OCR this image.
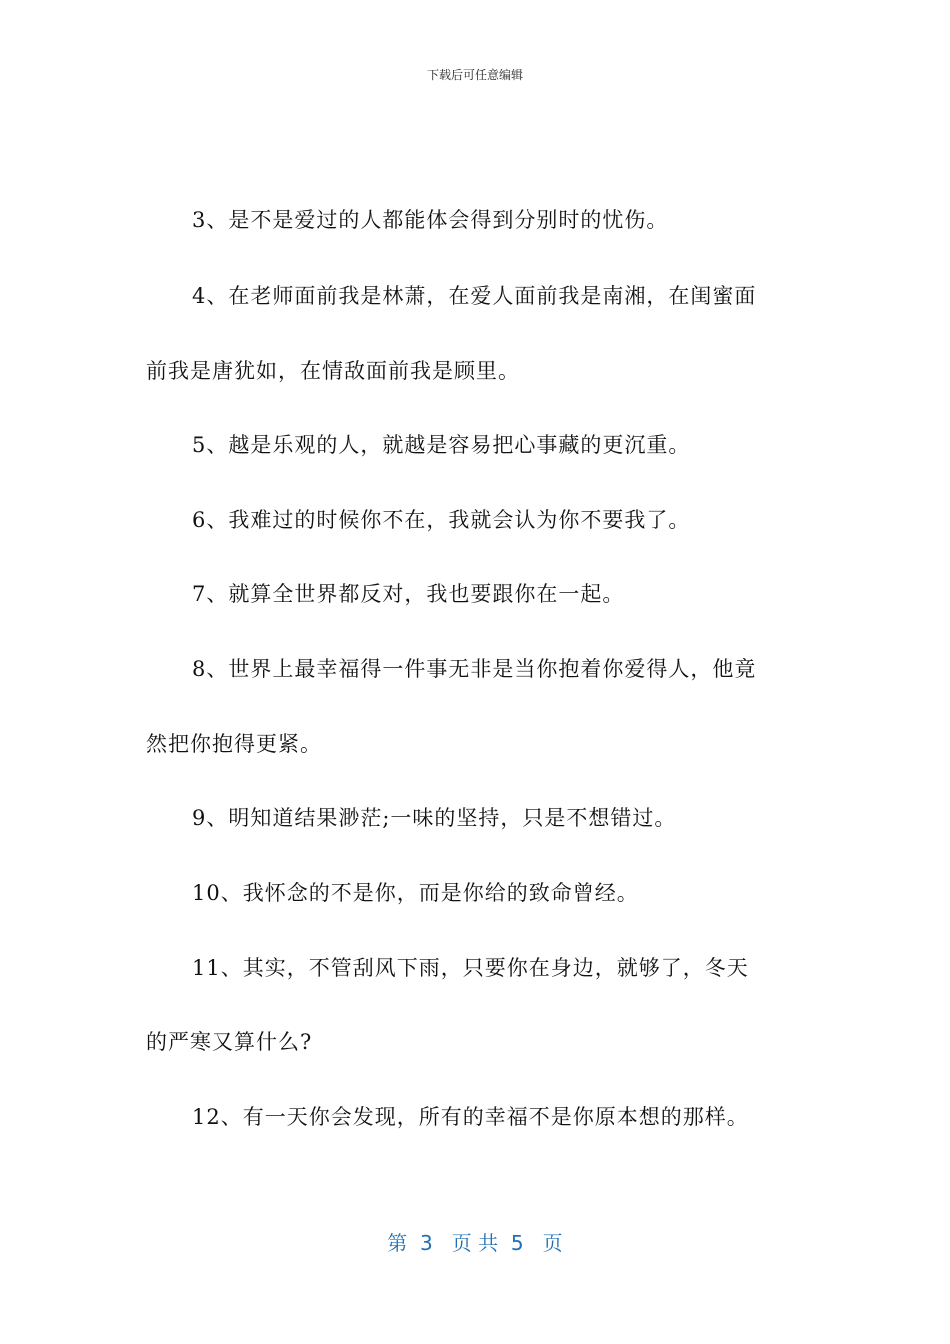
下载后可任意编辑
3、是不是爱过的人都能体会得到分别时的忧伤。
4、在老师面前我是林萧，在爱人面前我是南湘，在闺蜜面
前我是唐犹如，在情敌面前我是顾里。
5、越是乐观的人，就越是容易把心事藏的更沉重。
6、我难过的时候你不在，我就会认为你不要我了。
7、就算全世界都反对，我也要跟你在一起。
8、世界上最幸福得一件事无非是当你抱着你爱得人，他竟
然把你抱得更紧。
9、明知道结果渺茫;一味的坚持，只是不想错过。
10、我怀念的不是你，而是你给的致命曾经。
11、其实，不管刮风下雨，只要你在身边，就够了，冬天
的严寒又算什么?
12、有一天你会发现，所有的幸福不是你原本想的那样。
第  3   页 共  5   页
